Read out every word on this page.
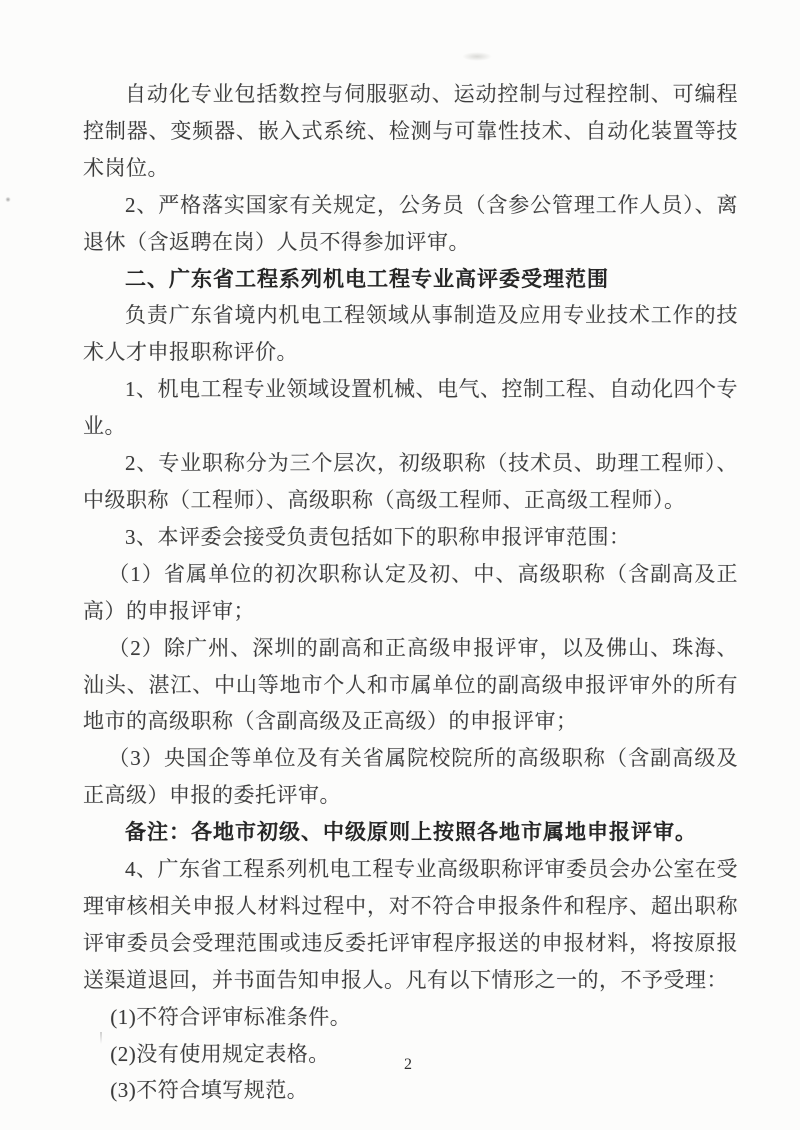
自动化专业包括数控与伺服驱动、运动控制与过程控制、可编程控制器、变频器、嵌入式系统、检测与可靠性技术、自动化装置等技术岗位。

2、严格落实国家有关规定，公务员（含参公管理工作人员）、离退休（含返聘在岗）人员不得参加评审。

二、广东省工程系列机电工程专业高评委受理范围

负责广东省境内机电工程领域从事制造及应用专业技术工作的技术人才申报职称评价。

1、机电工程专业领域设置机械、电气、控制工程、自动化四个专业。

2、专业职称分为三个层次，初级职称（技术员、助理工程师）、中级职称（工程师）、高级职称（高级工程师、正高级工程师）。

3、本评委会接受负责包括如下的职称申报评审范围：

（1）省属单位的初次职称认定及初、中、高级职称（含副高及正高）的申报评审；

（2）除广州、深圳的副高和正高级申报评审，以及佛山、珠海、汕头、湛江、中山等地市个人和市属单位的副高级申报评审外的所有地市的高级职称（含副高级及正高级）的申报评审；

（3）央国企等单位及有关省属院校院所的高级职称（含副高级及正高级）申报的委托评审。

备注：各地市初级、中级原则上按照各地市属地申报评审。

4、广东省工程系列机电工程专业高级职称评审委员会办公室在受理审核相关申报人材料过程中，对不符合申报条件和程序、超出职称评审委员会受理范围或违反委托评审程序报送的申报材料，将按原报送渠道退回，并书面告知申报人。凡有以下情形之一的，不予受理：

(1)不符合评审标准条件。

(2)没有使用规定表格。

(3)不符合填写规范。

2
